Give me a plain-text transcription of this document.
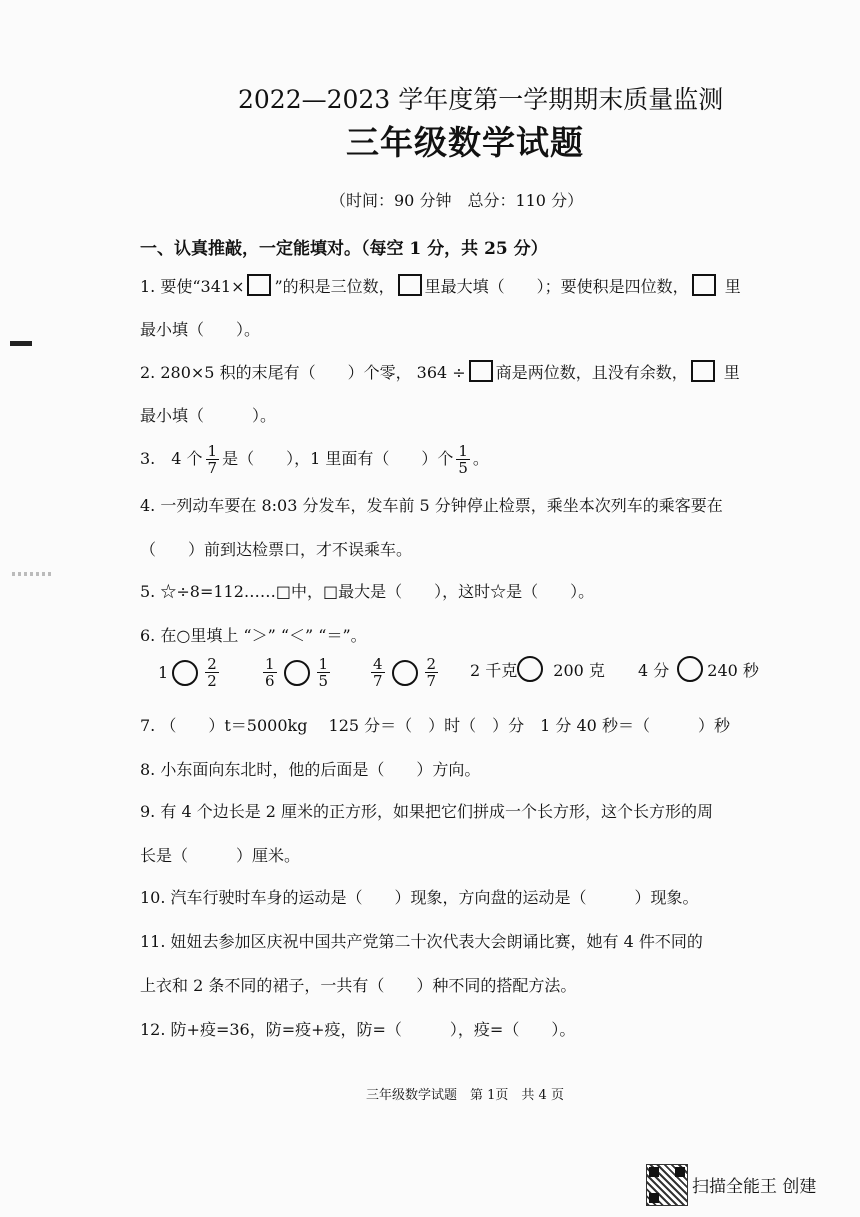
2022—2023 学年度第一学期期末质量监测
三年级数学试题
（时间：90 分钟　总分：110 分）
一、认真推敲，一定能填对。（每空 1 分，共 25 分）
1. 要使“341× ”的积是三位数， 里最大填（　　）；要使积是四位数， 里
最小填（　　）。
2. 280×5 积的末尾有（　　）个零， 364 ÷ 商是两位数，且没有余数， 里
最小填（　　　）。
3.　4 个 $\frac{1}{7}$ 是（　　），1 里面有（　　）个 $\frac{1}{5}$ 。
4. 一列动车要在 8:03 分发车，发车前 5 分钟停止检票，乘坐本次列车的乘客要在
（　　）前到达检票口，才不误乘车。
5. ☆÷8=112……□中，□最大是（　　），这时☆是（　　）。
6. 在○里填上 “＞” “＜” “＝”。
$1 \frac{2}{2}$	$\frac{1}{6}$	$\frac{1}{5}$	$\frac{4}{7}$	$\frac{2}{7} 2$ 千克 200 克 4 分 240 秒
7. （　　）t＝5000kg　 125 分＝（　）时（　）分　1 分 40 秒＝（　　　）秒
8. 小东面向东北时，他的后面是（　　）方向。
9. 有 4 个边长是 2 厘米的正方形，如果把它们拼成一个长方形，这个长方形的周
长是（　　　）厘米。
10. 汽车行驶时车身的运动是（　　）现象，方向盘的运动是（　　　）现象。
11. 妞妞去参加区庆祝中国共产党第二十次代表大会朗诵比赛，她有 4 件不同的
上衣和 2 条不同的裙子，一共有（　　）种不同的搭配方法。
12. 防+疫=36，防=疫+疫，防=（　　　），疫=（　　）。
三年级数学试题　第 1页　共 4 页
扫描全能王 创建
